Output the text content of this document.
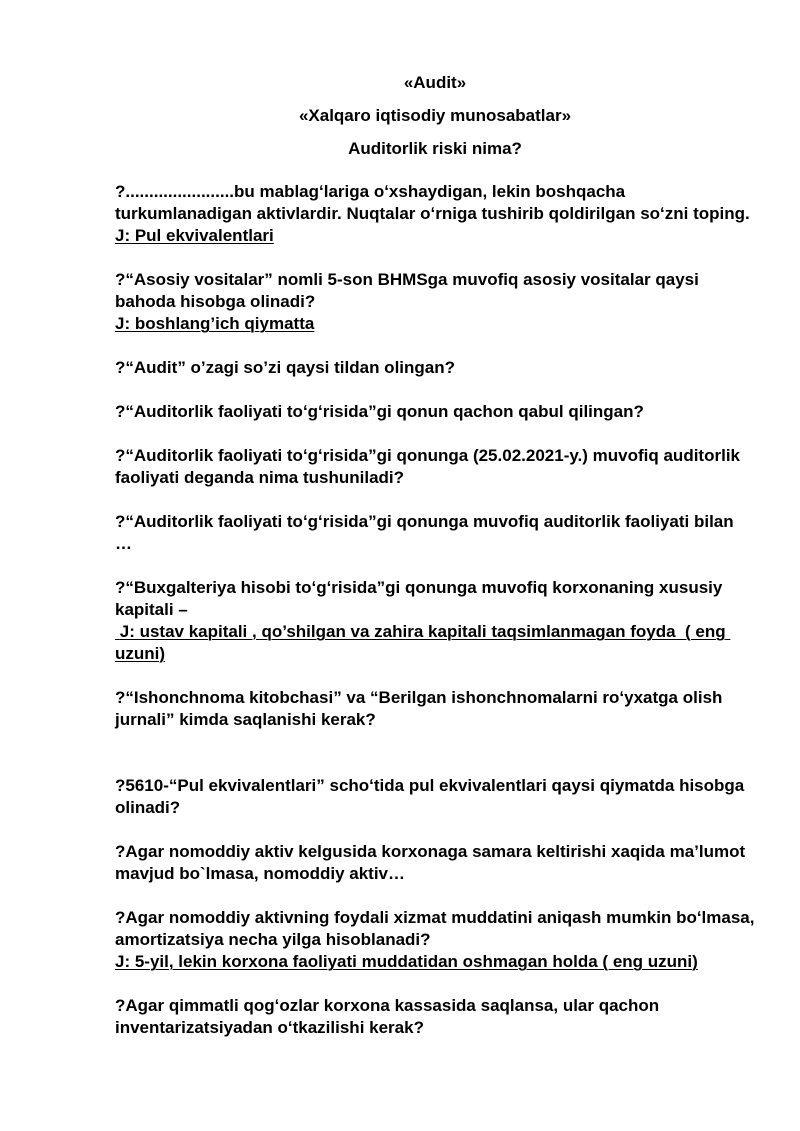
«Audit»

«Xalqaro iqtisodiy munosabatlar»

Auditorlik riski nima?

?.......................bu mablagʻlariga oʻxshaydigan, lekin boshqacha turkumlanadigan aktivlardir. Nuqtalar oʻrniga tushirib qoldirilgan soʻzni toping.

J: Pul ekvivalentlari

?“Asosiy vositalar” nomli 5-son BHMSga muvofiq asosiy vositalar qaysi bahoda hisobga olinadi?

J: boshlang’ich qiymatta

?“Audit” o’zagi so’zi qaysi tildan olingan?

?“Auditorlik faoliyati toʻgʻrisida”gi qonun qachon qabul qilingan?

?“Auditorlik faoliyati toʻgʻrisida”gi qonunga (25.02.2021-y.) muvofiq auditorlik faoliyati deganda nima tushuniladi?

?“Auditorlik faoliyati toʻgʻrisida”gi qonunga muvofiq auditorlik faoliyati bilan …

?“Buxgalteriya hisobi toʻgʻrisida”gi qonunga muvofiq korxonaning xususiy kapitali –

J: ustav kapitali , qo’shilgan va zahira kapitali taqsimlanmagan foyda  ( eng uzuni)

?“Ishonchnoma kitobchasi” va “Berilgan ishonchnomalarni roʻyxatga olish jurnali” kimda saqlanishi kerak?

?5610-“Pul ekvivalentlari” schoʻtida pul ekvivalentlari qaysi qiymatda hisobga olinadi?

?Agar nomoddiy aktiv kelgusida korxonaga samara keltirishi xaqida ma’lumot mavjud bo`lmasa, nomoddiy aktiv…

?Agar nomoddiy aktivning foydali xizmat muddatini aniqash mumkin boʻlmasa, amortizatsiya necha yilga hisoblanadi?

J: 5-yil, lekin korxona faoliyati muddatidan oshmagan holda ( eng uzuni)

?Agar qimmatli qogʻozlar korxona kassasida saqlansa, ular qachon inventarizatsiyadan oʻtkazilishi kerak?
